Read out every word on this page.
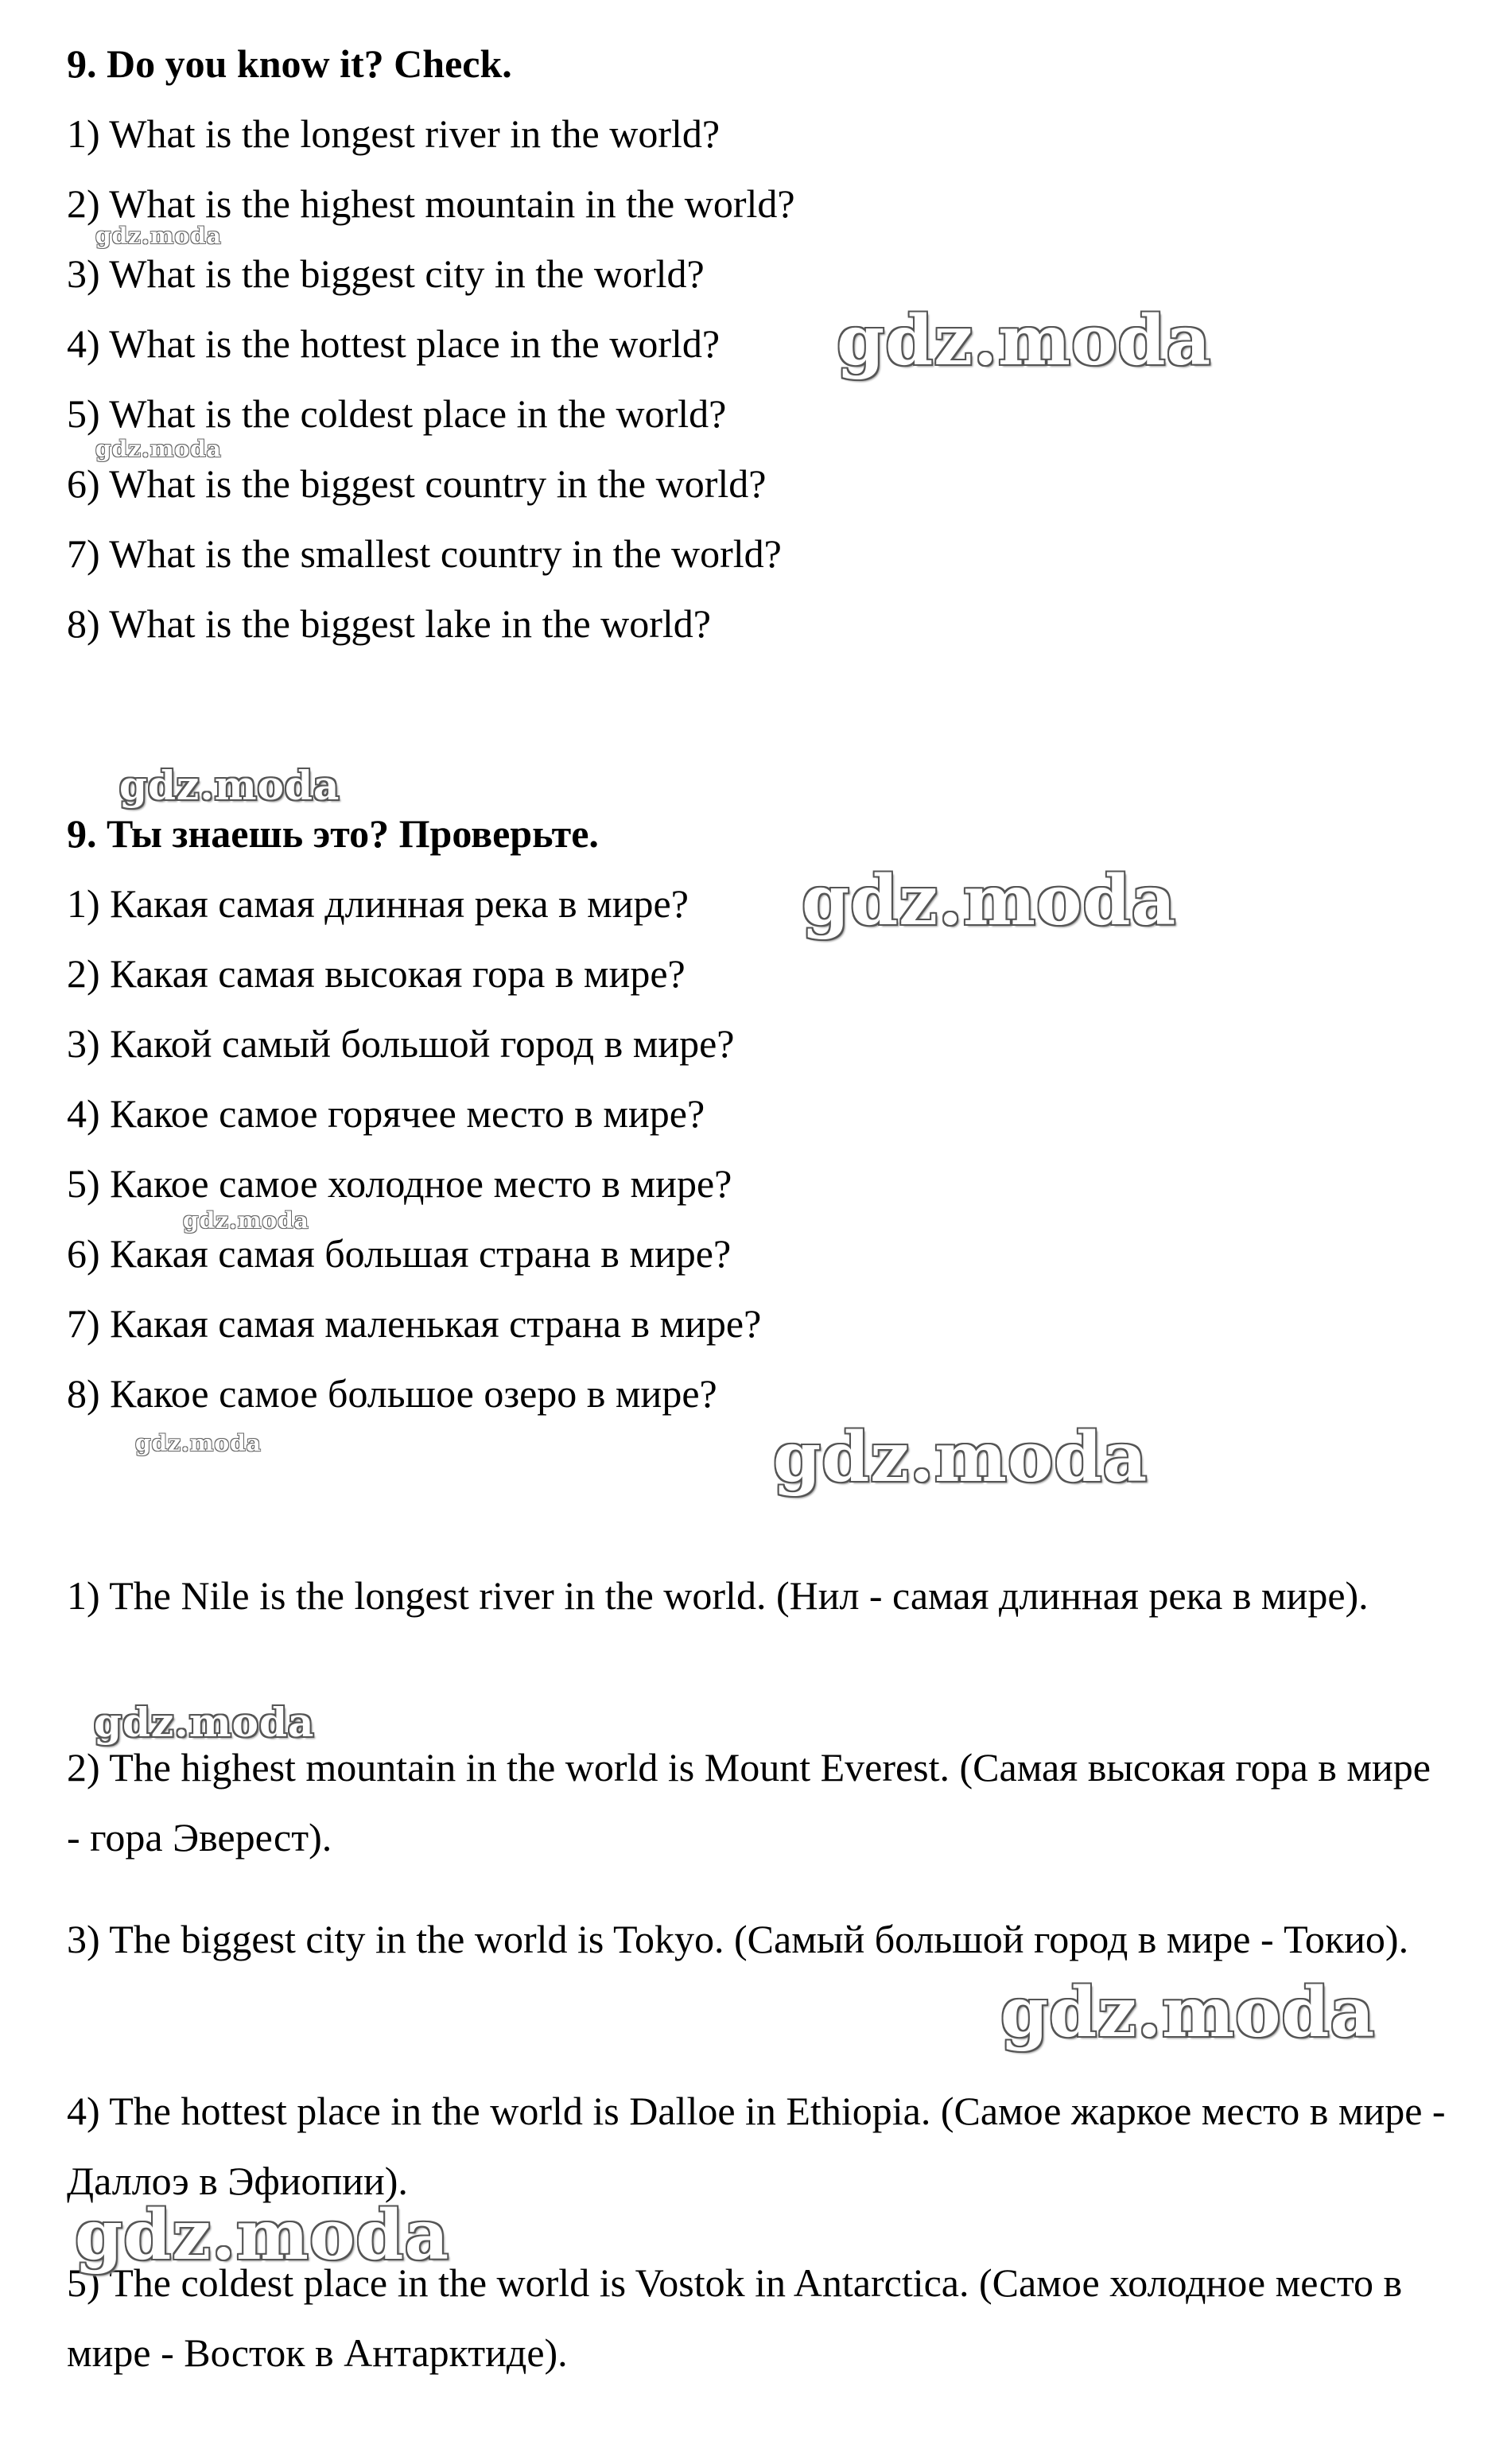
9. Do you know it? Check.
1) What is the longest river in the world?
2) What is the highest mountain in the world?
3) What is the biggest city in the world?
4) What is the hottest place in the world?
5) What is the coldest place in the world?
6) What is the biggest country in the world?
7) What is the smallest country in the world?
8) What is the biggest lake in the world?
9. Ты знаешь это? Проверьте.
1) Какая самая длинная река в мире?
2) Какая самая высокая гора в мире?
3) Какой самый большой город в мире?
4) Какое самое горячее место в мире?
5) Какое самое холодное место в мире?
6) Какая самая большая страна в мире?
7) Какая самая маленькая страна в мире?
8) Какое самое большое озеро в мире?
1) The Nile is the longest river in the world. (Нил - самая длинная река в мире).
2) The highest mountain in the world is Mount Everest. (Самая высокая гора в мире - гора Эверест).
3) The biggest city in the world is Tokyo. (Самый большой город в мире - Токио).
4) The hottest place in the world is Dalloe in Ethiopia. (Самое жаркое место в мире - Даллоэ в Эфиопии).
5) The coldest place in the world is Vostok in Antarctica. (Самое холодное место в мире - Восток в Антарктиде).
gdz.moda
gdz.moda
gdz.moda
gdz.moda
gdz.moda
gdz.moda
gdz.moda	gdz.moda
gdz.moda
gdz.moda
gdz.moda
